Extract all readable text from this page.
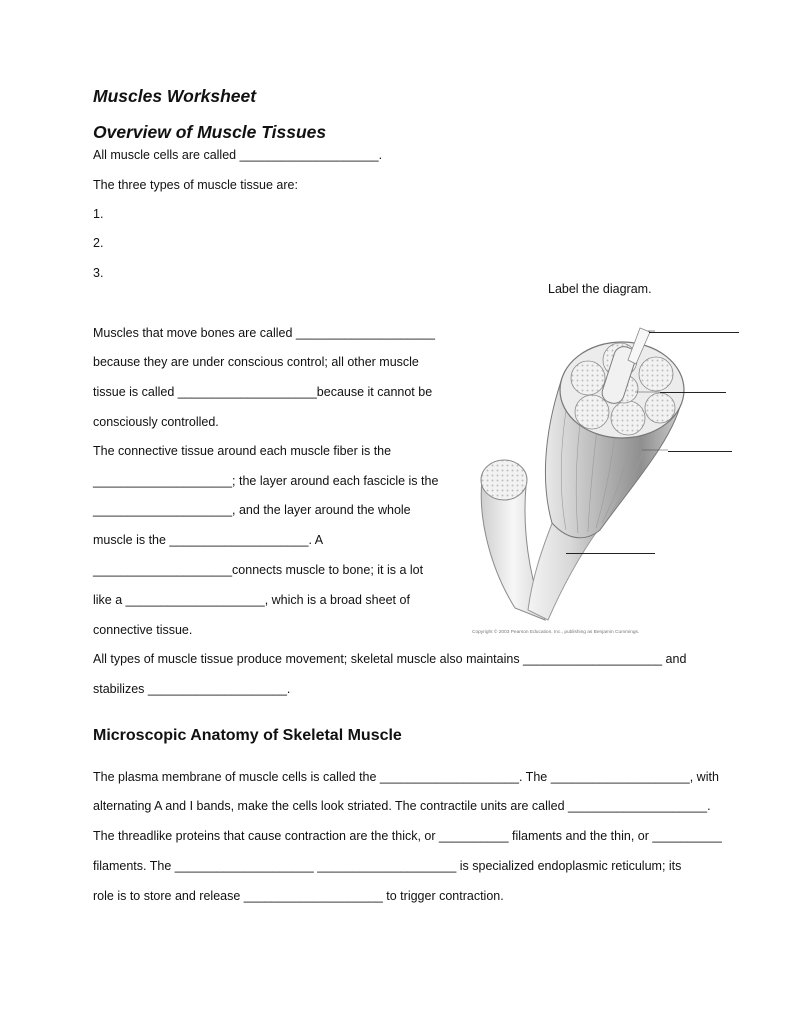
Muscles Worksheet
Overview of Muscle Tissues
All muscle cells are called ____________________.
The three types of muscle tissue are:
1.
2.
3.
Label the diagram.
Muscles that move bones are called ____________________
because they are under conscious control; all other muscle
tissue is called ____________________because it cannot be
consciously controlled.
The connective tissue around each muscle fiber is the
____________________; the layer around each fascicle is the
____________________, and the layer around the whole
muscle is the ____________________. A
____________________connects muscle to bone; it is a lot
like a ____________________, which is a broad sheet of
connective tissue.
All types of muscle tissue produce movement; skeletal muscle also maintains ____________________ and
stabilizes ____________________.
Copyright © 2003 Pearson Education, Inc., publishing as Benjamin Cummings.
Microscopic Anatomy of Skeletal Muscle
The plasma membrane of muscle cells is called the ____________________. The ____________________, with
alternating A and I bands, make the cells look striated. The contractile units are called ____________________.
The threadlike proteins that cause contraction are the thick, or __________ filaments and the thin, or __________
filaments. The ____________________ ____________________ is specialized endoplasmic reticulum; its
role is to store and release ____________________ to trigger contraction.
